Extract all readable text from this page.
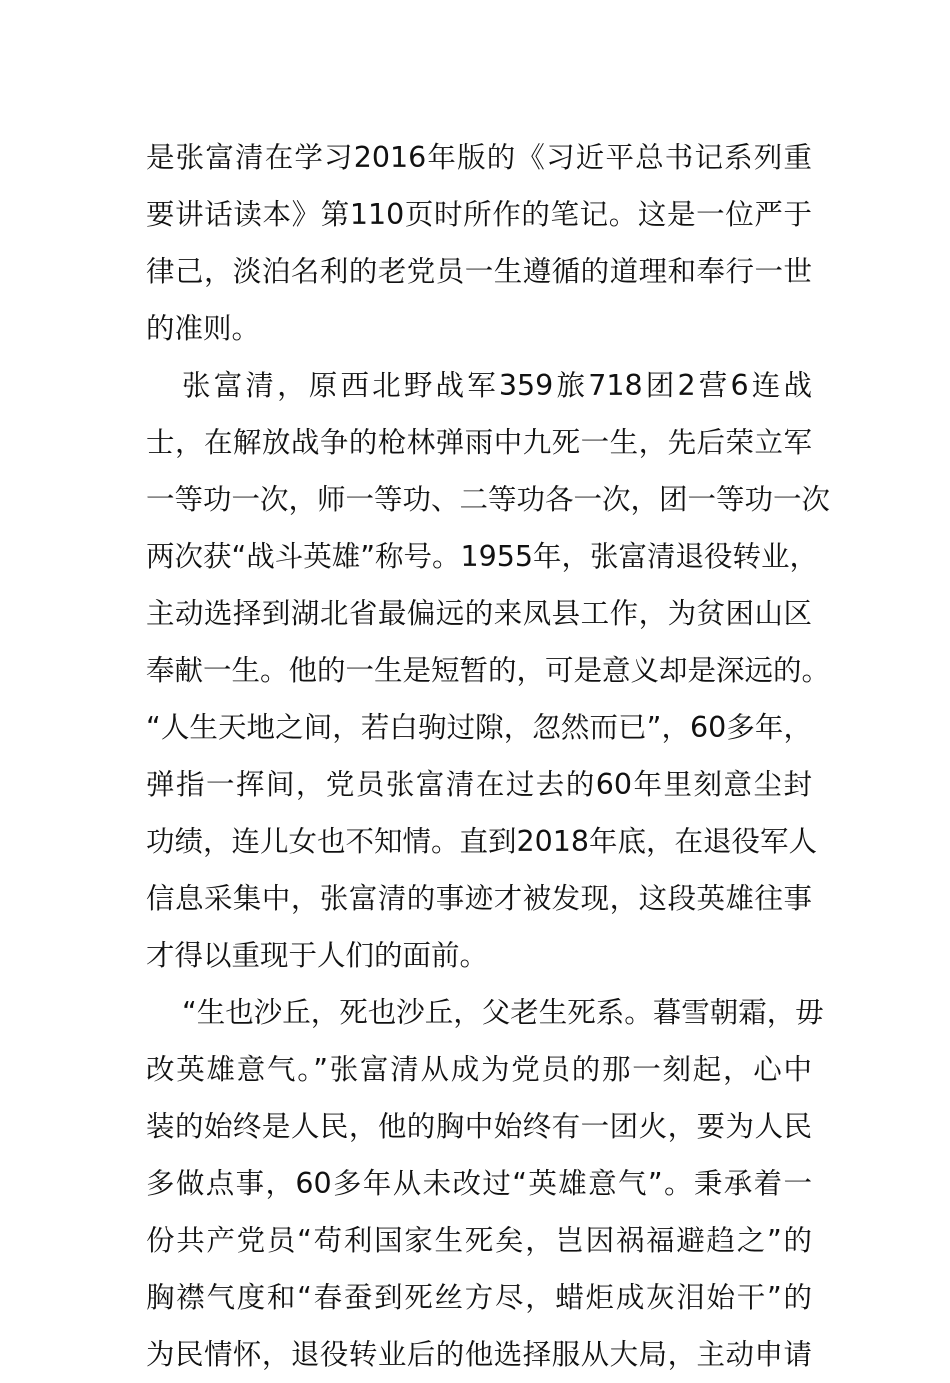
是张富清在学习2016年版的《习近平总书记系列重
要讲话读本》第110页时所作的笔记。这是一位严于
律己，淡泊名利的老党员一生遵循的道理和奉行一世
的准则。
张富清，原西北野战军359旅718团2营6连战
士，在解放战争的枪林弹雨中九死一生，先后荣立军
一等功一次，师一等功、二等功各一次，团一等功一次
两次获“战斗英雄”称号。1955年，张富清退役转业，
主动选择到湖北省最偏远的来凤县工作，为贫困山区
奉献一生。他的一生是短暂的，可是意义却是深远的。
“人生天地之间，若白驹过隙，忽然而已”，60多年，
弹指一挥间，党员张富清在过去的60年里刻意尘封
功绩，连儿女也不知情。直到2018年底，在退役军人
信息采集中，张富清的事迹才被发现，这段英雄往事
才得以重现于人们的面前。
“生也沙丘，死也沙丘，父老生死系。暮雪朝霜，毋
改英雄意气。”张富清从成为党员的那一刻起，心中
装的始终是人民，他的胸中始终有一团火，要为人民
多做点事，60多年从未改过“英雄意气”。秉承着一
份共产党员“苟利国家生死矣，岂因祸福避趋之”的
胸襟气度和“春蚕到死丝方尽，蜡炬成灰泪始干”的
为民情怀，退役转业后的他选择服从大局，主动申请
